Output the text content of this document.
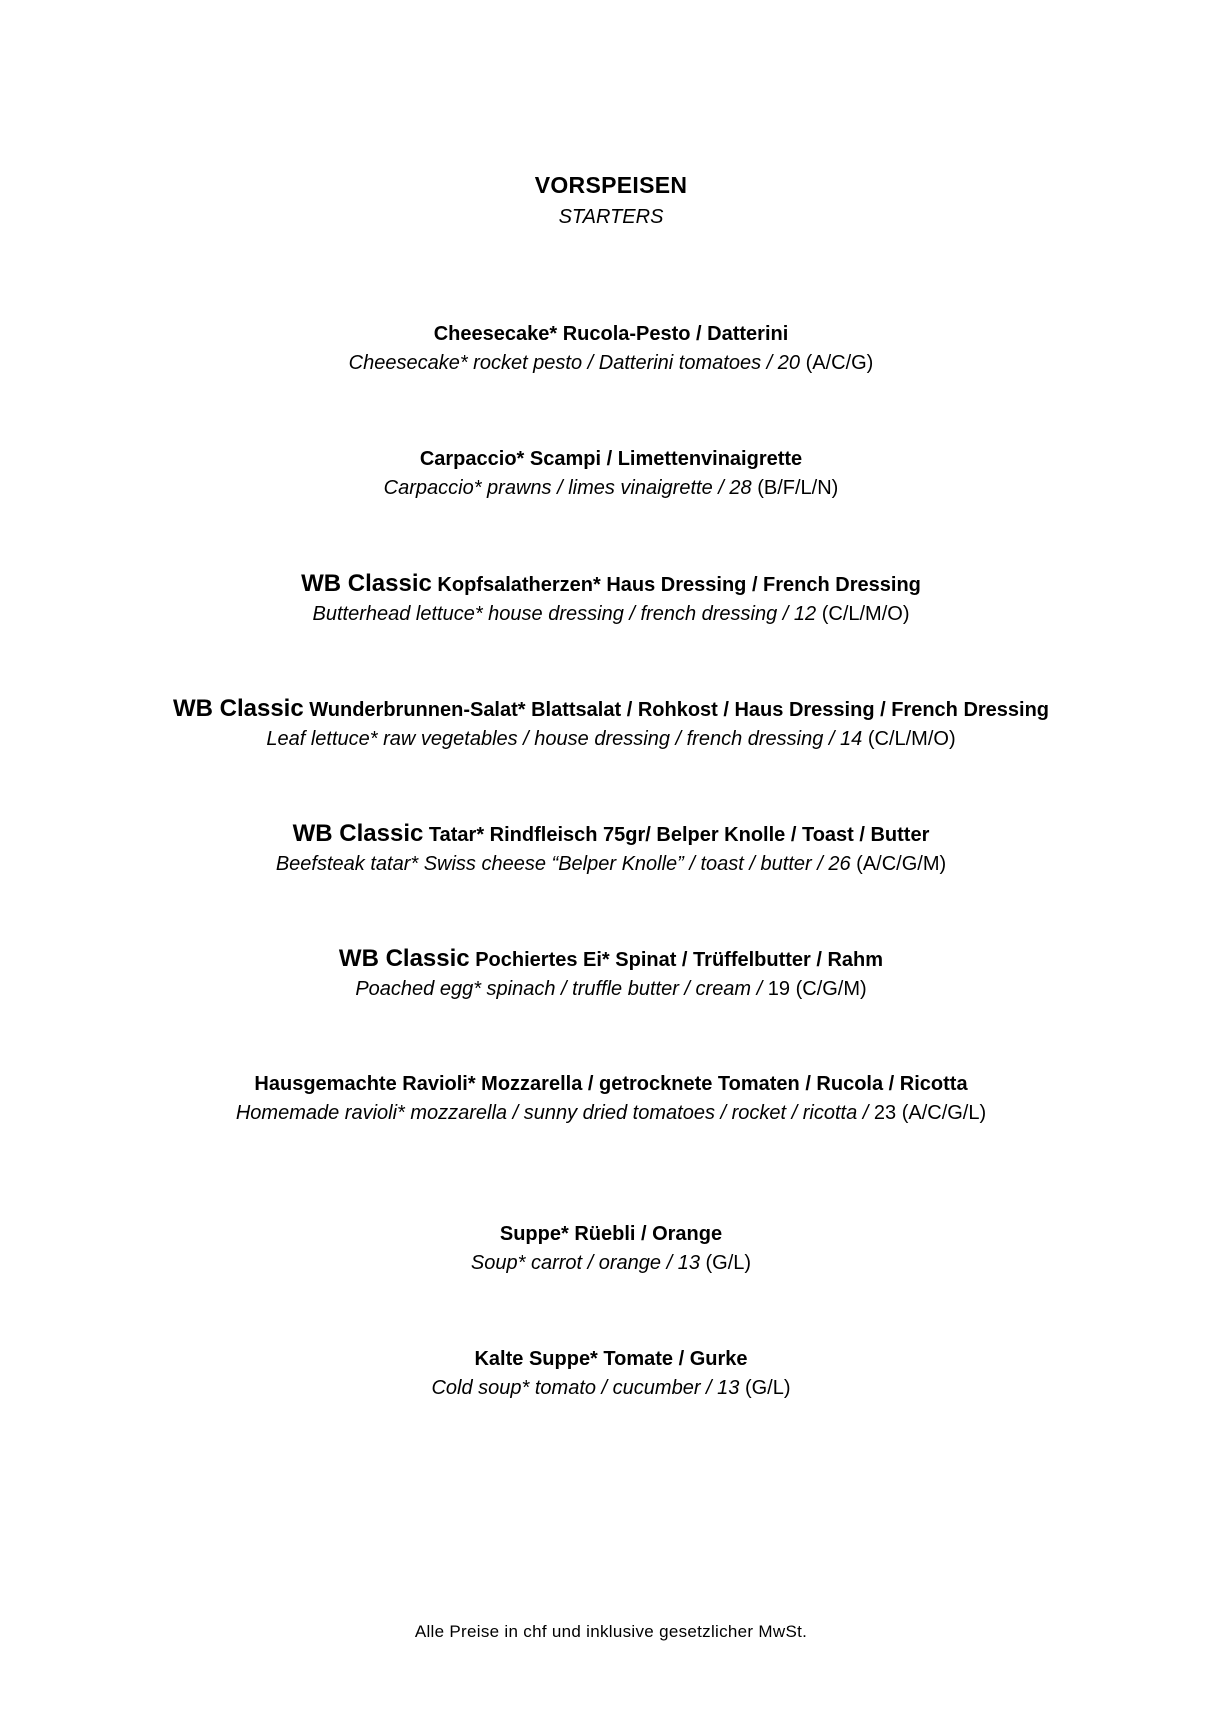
VORSPEISEN
STARTERS
Cheesecake* Rucola-Pesto / Datterini
Cheesecake* rocket pesto / Datterini tomatoes / 20 (A/C/G)
Carpaccio* Scampi / Limettenvinaigrette
Carpaccio* prawns / limes vinaigrette / 28 (B/F/L/N)
WB Classic Kopfsalatherzen* Haus Dressing / French Dressing
Butterhead lettuce* house dressing / french dressing / 12 (C/L/M/O)
WB Classic Wunderbrunnen-Salat* Blattsalat / Rohkost / Haus Dressing / French Dressing
Leaf lettuce* raw vegetables / house dressing / french dressing / 14 (C/L/M/O)
WB Classic Tatar* Rindfleisch 75gr/ Belper Knolle / Toast / Butter
Beefsteak tatar* Swiss cheese “Belper Knolle” / toast / butter / 26 (A/C/G/M)
WB Classic Pochiertes Ei* Spinat / Trüffelbutter / Rahm
Poached egg* spinach / truffle butter / cream / 19 (C/G/M)
Hausgemachte Ravioli* Mozzarella / getrocknete Tomaten / Rucola / Ricotta
Homemade ravioli* mozzarella / sunny dried tomatoes / rocket / ricotta / 23 (A/C/G/L)
Suppe* Rüebli / Orange
Soup* carrot / orange / 13 (G/L)
Kalte Suppe* Tomate / Gurke
Cold soup* tomato / cucumber / 13 (G/L)
Alle Preise in chf und inklusive gesetzlicher MwSt.
